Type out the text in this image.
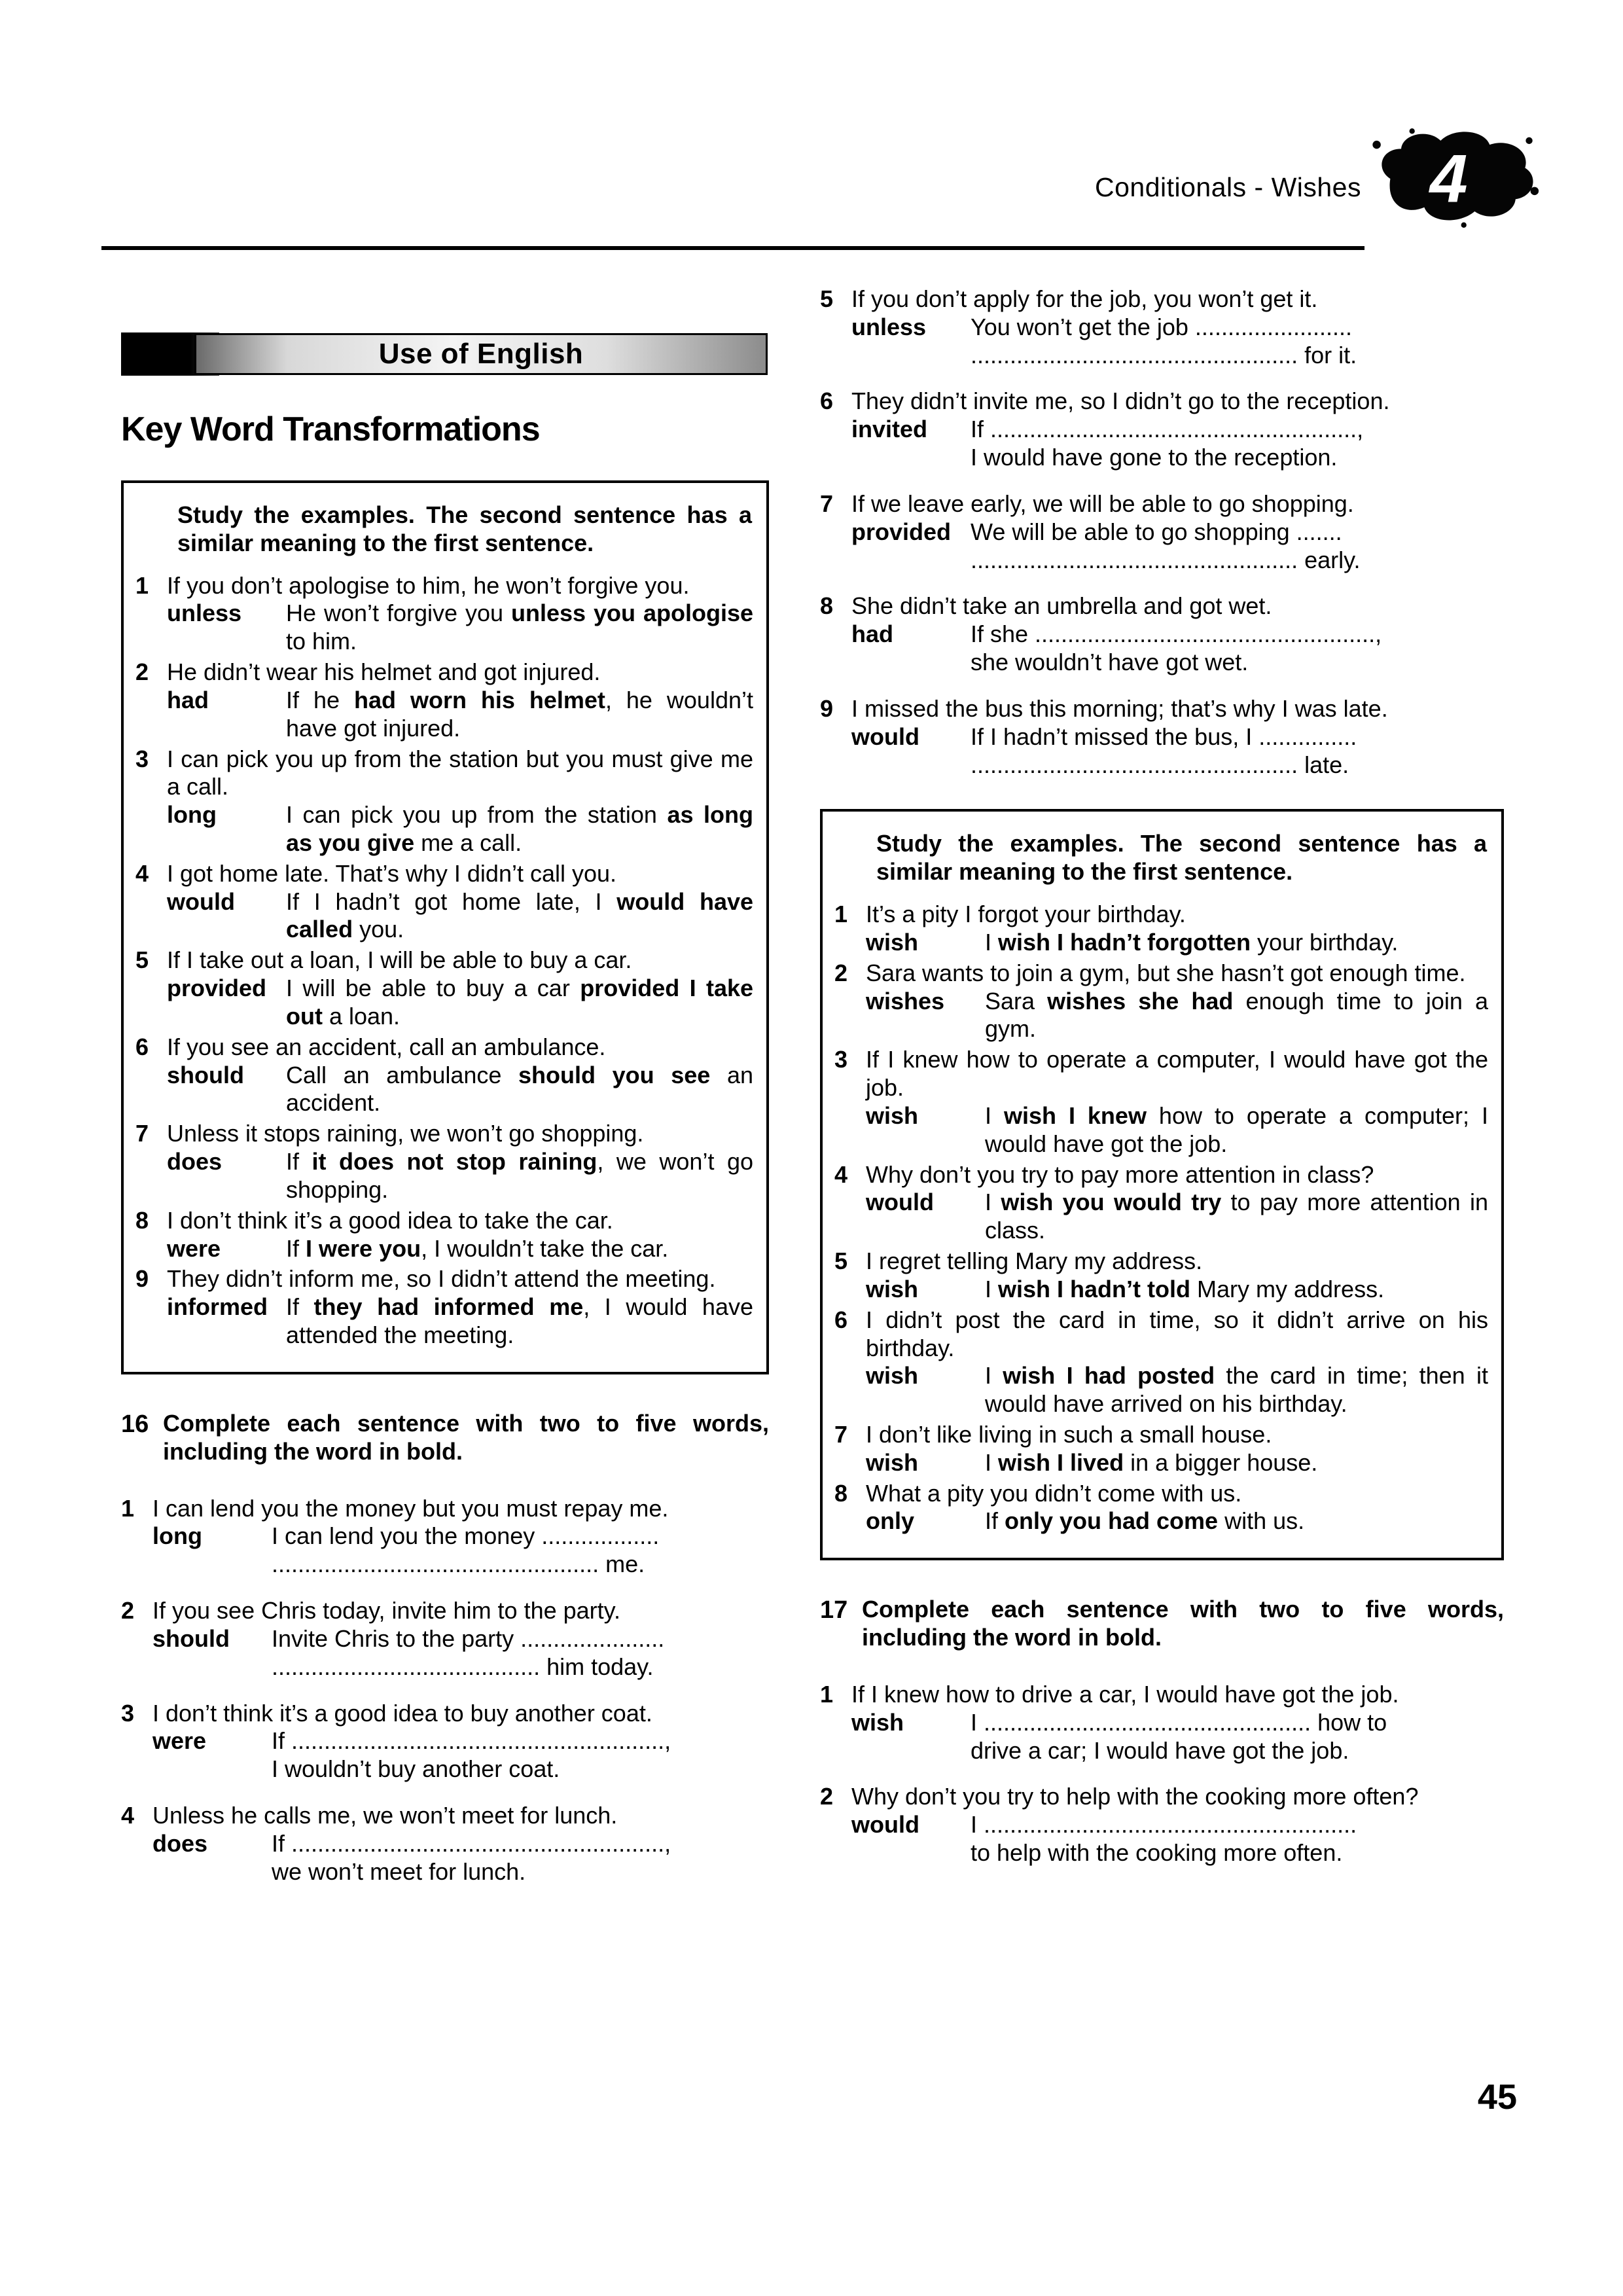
Conditionals - Wishes 4
Use of English
Key Word Transformations

Study the examples. The second sentence has a similar meaning to the first sentence.

1 If you don’t apologise to him, he won’t forgive you.

unless	He won’t forgive you unless you apologise to him.

2 He didn’t wear his helmet and got injured.

had	If he had worn his helmet, he wouldn’t have got injured.

3 I can pick you up from the station but you must give me a call.

long	I can pick you up from the station as long as you give me a call.

4 I got home late. That’s why I didn’t call you.

would	If I hadn’t got home late, I would have called you.

5 If I take out a loan, I will be able to buy a car.

provided I will be able to buy a car provided I take out a loan.

6 If you see an accident, call an ambulance.

should	Call an ambulance should you see an accident.

7 Unless it stops raining, we won’t go shopping.

does	If it does not stop raining, we won’t go shopping.

8 I don’t think it’s a good idea to take the car.

were	If I were you, I wouldn’t take the car.

9 They didn’t inform me, so I didn’t attend the meeting.

informed If they had informed me, I would have attended the meeting.

16 Complete each sentence with two to five words, including the word in bold.

1 I can lend you the money but you must repay me.

long	I can lend you the money ..................

.................................................. me.

2 If you see Chris today, invite him to the party.

should	Invite Chris to the party ......................

......................................... him today.

3 I don’t think it’s a good idea to buy another coat.

were	If .........................................................,

I wouldn’t buy another coat.

4 Unless he calls me, we won’t meet for lunch.

does	If .........................................................,

we won’t meet for lunch.

5 If you don’t apply for the job, you won’t get it.

unless	You won’t get the job ........................

.................................................. for it.

6 They didn’t invite me, so I didn’t go to the reception.

invited	If ........................................................,

I would have gone to the reception.

7 If we leave early, we will be able to go shopping.

provided We will be able to go shopping .......

.................................................. early.

8 She didn’t take an umbrella and got wet.

had	If she ....................................................,

she wouldn’t have got wet.

9 I missed the bus this morning; that’s why I was late.

would	If I hadn’t missed the bus, I ...............

.................................................. late.

Study the examples. The second sentence has a similar meaning to the first sentence.

1 It’s a pity I forgot your birthday.

wish	I wish I hadn’t forgotten your birthday.

2 Sara wants to join a gym, but she hasn’t got enough time.

wishes	Sara wishes she had enough time to join a gym.

3 If I knew how to operate a computer, I would have got the job.

wish	I wish I knew how to operate a computer; I would have got the job.

4 Why don’t you try to pay more attention in class?

would	I wish you would try to pay more attention in class.

5 I regret telling Mary my address.

wish	I wish I hadn’t told Mary my address.

6 I didn’t post the card in time, so it didn’t arrive on his birthday.

wish	I wish I had posted the card in time; then it would have arrived on his birthday.

7 I don’t like living in such a small house.

wish	I wish I lived in a bigger house.

8 What a pity you didn’t come with us.

only	If only you had come with us.

17 Complete each sentence with two to five words, including the word in bold.

1 If I knew how to drive a car, I would have got the job.

wish	I .................................................. how to

drive a car; I would have got the job.

2 Why don’t you try to help with the cooking more often?

would	I .........................................................

to help with the cooking more often.

45
